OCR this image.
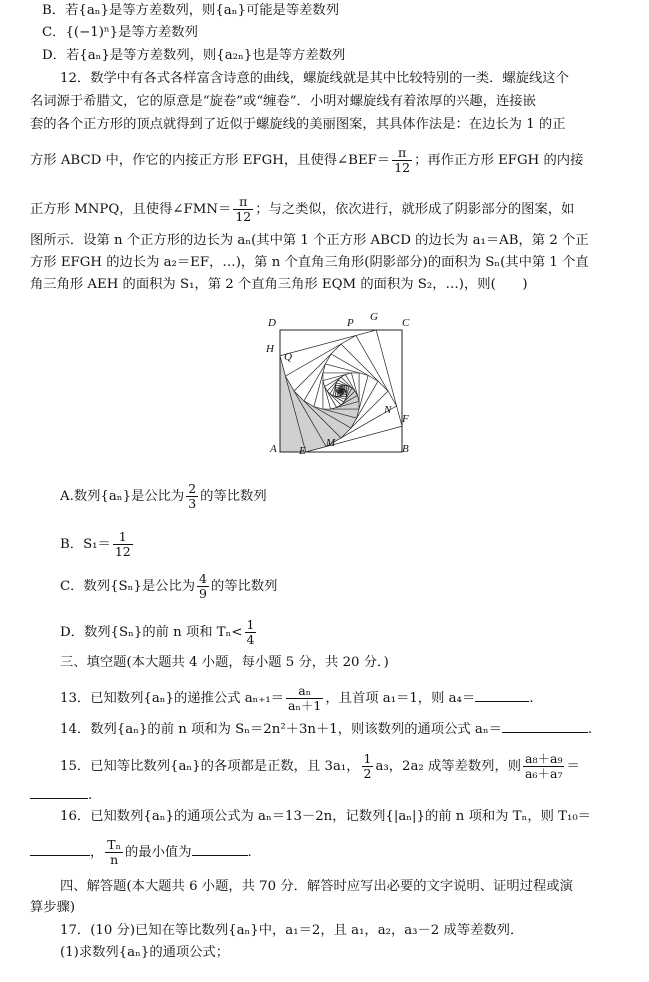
B．若{aₙ}是等方差数列，则{aₙ}可能是等差数列
C．{(−1)ⁿ}是等方差数列
D．若{aₙ}是等方差数列，则{a₂ₙ}也是等方差数列
12．数学中有各式各样富含诗意的曲线，螺旋线就是其中比较特别的一类．螺旋线这个
名词源于希腊文，它的原意是“旋卷”或“缠卷”．小明对螺旋线有着浓厚的兴趣，连接嵌
套的各个正方形的顶点就得到了近似于螺旋线的美丽图案，其具体作法是：在边长为 1 的正
方形 ABCD 中，作它的内接正方形 EFGH，且使得∠BEF＝ $\frac{\pi}{12}$ ；再作正方形 EFGH 的内接
正方形 MNPQ，且使得∠FMN＝ $\frac{\pi}{12}$ ；与之类似，依次进行，就形成了阴影部分的图案，如
图所示．设第 n 个正方形的边长为 aₙ(其中第 1 个正方形 ABCD 的边长为 a₁＝AB，第 2 个正
方形 EFGH 的边长为 a₂＝EF，…)，第 n 个直角三角形(阴影部分)的面积为 Sₙ(其中第 1 个直
角三角形 AEH 的面积为 S₁，第 2 个直角三角形 EQM 的面积为 S₂，…)，则(　　)
D	P G C
H
Q
N
F
A E
M	B
A.数列{aₙ}是公比为 $\frac{2}{3}$ 的等比数列
B．$S_1= \frac{1}{12}$
C．数列{Sₙ}是公比为 $\frac{4}{9}$ 的等比数列
D．数列{Sₙ}的前 n 项和 $T_n< \frac{1}{4}$
三、填空题(本大题共 4 小题，每小题 5 分，共 20 分．)
13．已知数列{aₙ}的递推公式 $a_{n+1}= \frac{\text{aₙ}}{\text{aₙ＋1}}$ ，且首项 a₁＝1，则 a₄＝	.
14．数列{aₙ}的前 n 项和为 Sₙ＝2n²＋3n＋1，则该数列的通项公式 aₙ＝	.
15．已知等比数列{aₙ}的各项都是正数，且 3a₁， $\frac{1}{2} a_3$，2a₂ 成等差数列，则 $\frac{\text{a₈＋a₉}}{\text{a₆＋a₇}}$ ＝
.
16．已知数列{aₙ}的通项公式为 aₙ＝13－2n，记数列{|aₙ|}的前 n 项和为 Tₙ，则 T₁₀＝
， $\frac{\text{Tₙ}}{n}$ 的最小值为	.
四、解答题(本大题共 6 小题，共 70 分．解答时应写出必要的文字说明、证明过程或演
算步骤)
17．(10 分)已知在等比数列{aₙ}中，a₁＝2，且 a₁，a₂，a₃－2 成等差数列．
(1)求数列{aₙ}的通项公式；
